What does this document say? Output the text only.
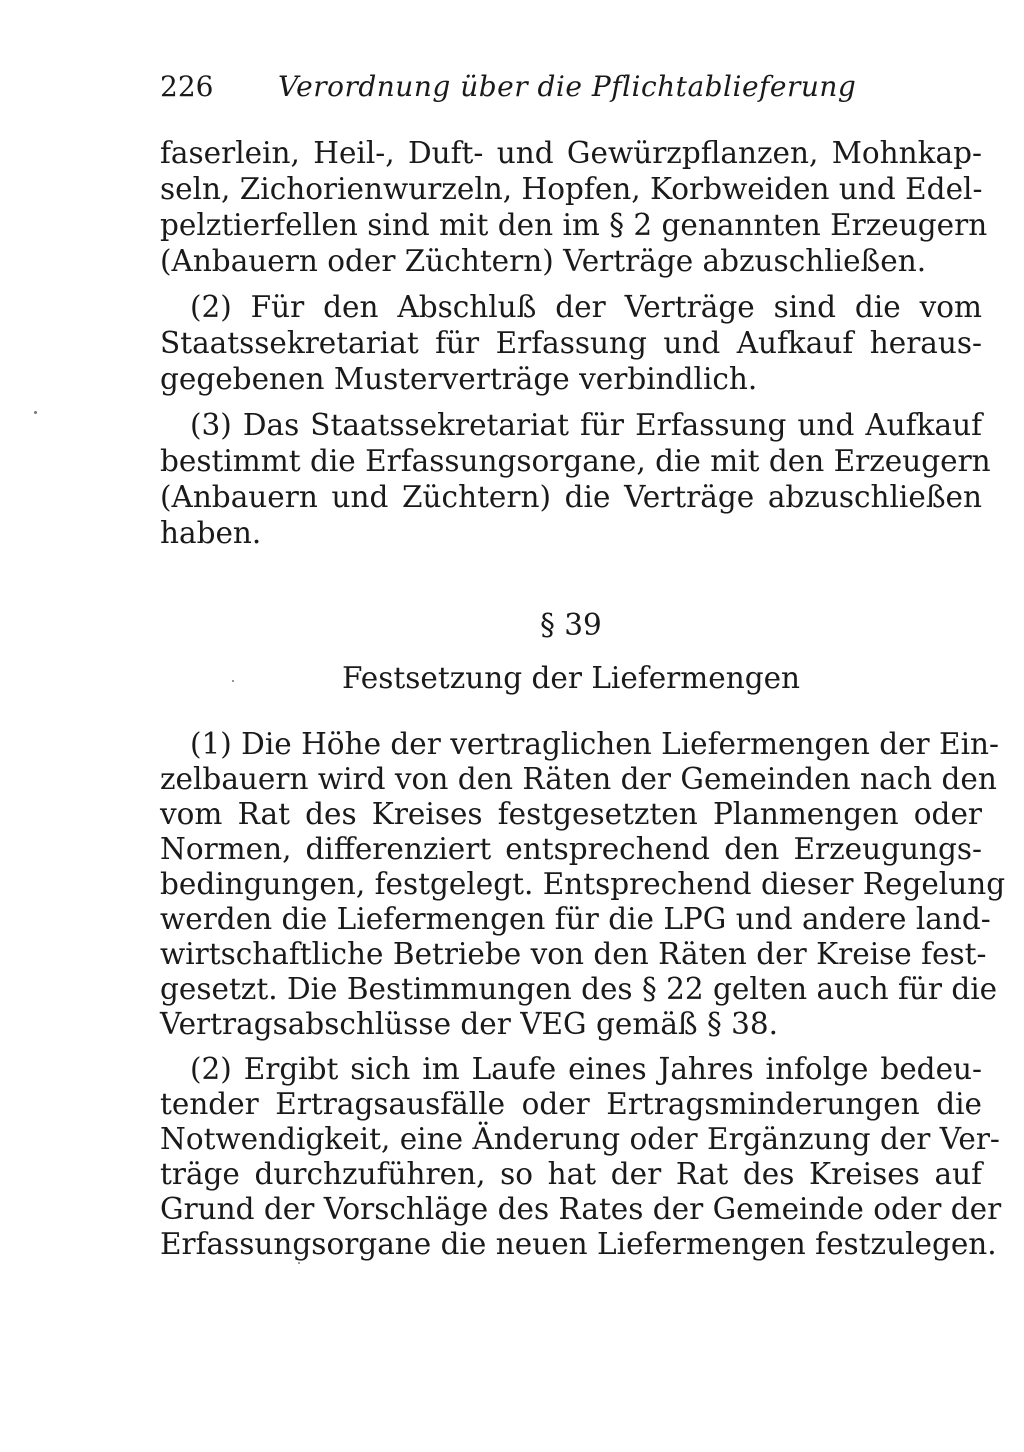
226 Verordnung über die Pflichtablieferung
faserlein, Heil-, Duft- und Gewürzpflanzen, Mohnkap-
seln, Zichorienwurzeln, Hopfen, Korbweiden und Edel-
pelztierfellen sind mit den im § 2 genannten Erzeugern
(Anbauern oder Züchtern) Verträge abzuschließen.
(2) Für den Abschluß der Verträge sind die vom
Staatssekretariat für Erfassung und Aufkauf heraus-
gegebenen Musterverträge verbindlich.
(3) Das Staatssekretariat für Erfassung und Aufkauf
bestimmt die Erfassungsorgane, die mit den Erzeugern
(Anbauern und Züchtern) die Verträge abzuschließen
haben.
§ 39
Festsetzung der Liefermengen
(1) Die Höhe der vertraglichen Liefermengen der Ein-
zelbauern wird von den Räten der Gemeinden nach den
vom Rat des Kreises festgesetzten Planmengen oder
Normen, differenziert entsprechend den Erzeugungs-
bedingungen, festgelegt. Entsprechend dieser Regelung
werden die Liefermengen für die LPG und andere land-
wirtschaftliche Betriebe von den Räten der Kreise fest-
gesetzt. Die Bestimmungen des § 22 gelten auch für die
Vertragsabschlüsse der VEG gemäß § 38.
(2) Ergibt sich im Laufe eines Jahres infolge bedeu-
tender Ertragsausfälle oder Ertragsminderungen die
Notwendigkeit, eine Änderung oder Ergänzung der Ver-
träge durchzuführen, so hat der Rat des Kreises auf
Grund der Vorschläge des Rates der Gemeinde oder der
Erfassungsorgane die neuen Liefermengen festzulegen.
